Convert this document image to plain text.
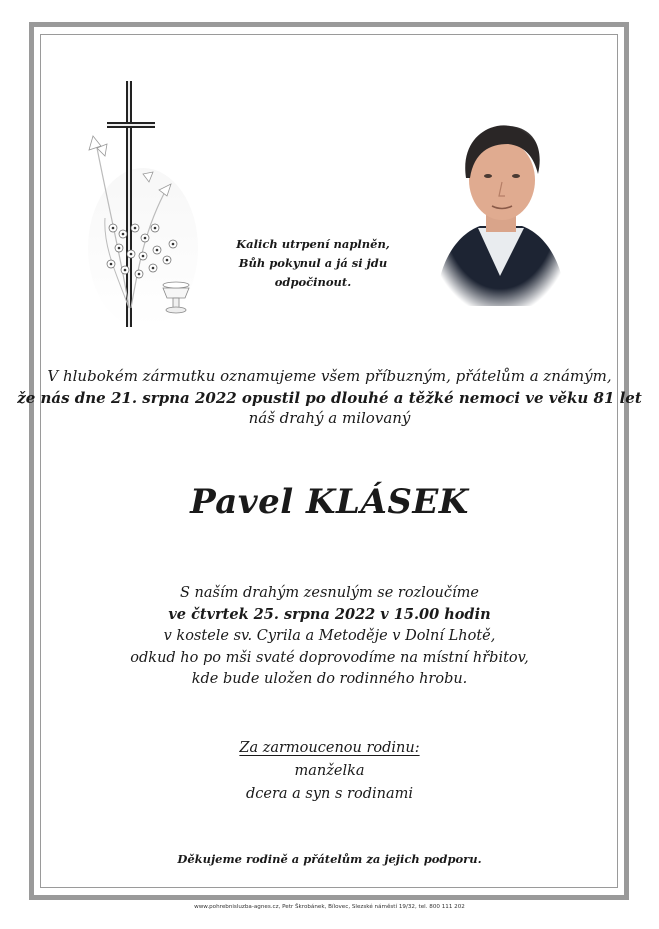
Kalich utrpení naplněn,
Bůh pokynul a já si jdu odpočinout.
V hlubokém zármutku oznamujeme všem příbuzným, přátelům a známým,
že nás dne 21. srpna 2022 opustil po dlouhé a těžké nemoci ve věku 81 let
náš drahý a milovaný
Pavel KLÁSEK
S naším drahým zesnulým se rozloučíme
ve čtvrtek 25. srpna 2022 v 15.00 hodin
v kostele sv. Cyrila a Metoděje v Dolní Lhotě,
odkud ho po mši svaté doprovodíme na místní hřbitov,
kde bude uložen do rodinného hrobu.
Za zarmoucenou rodinu:
manželka
dcera a syn s rodinami
Děkujeme rodině a přátelům za jejich podporu.
www.pohrebnisluzba-agnes.cz, Petr Škrobánek, Bílovec, Slezské náměstí 19/32, tel. 800 111 202
